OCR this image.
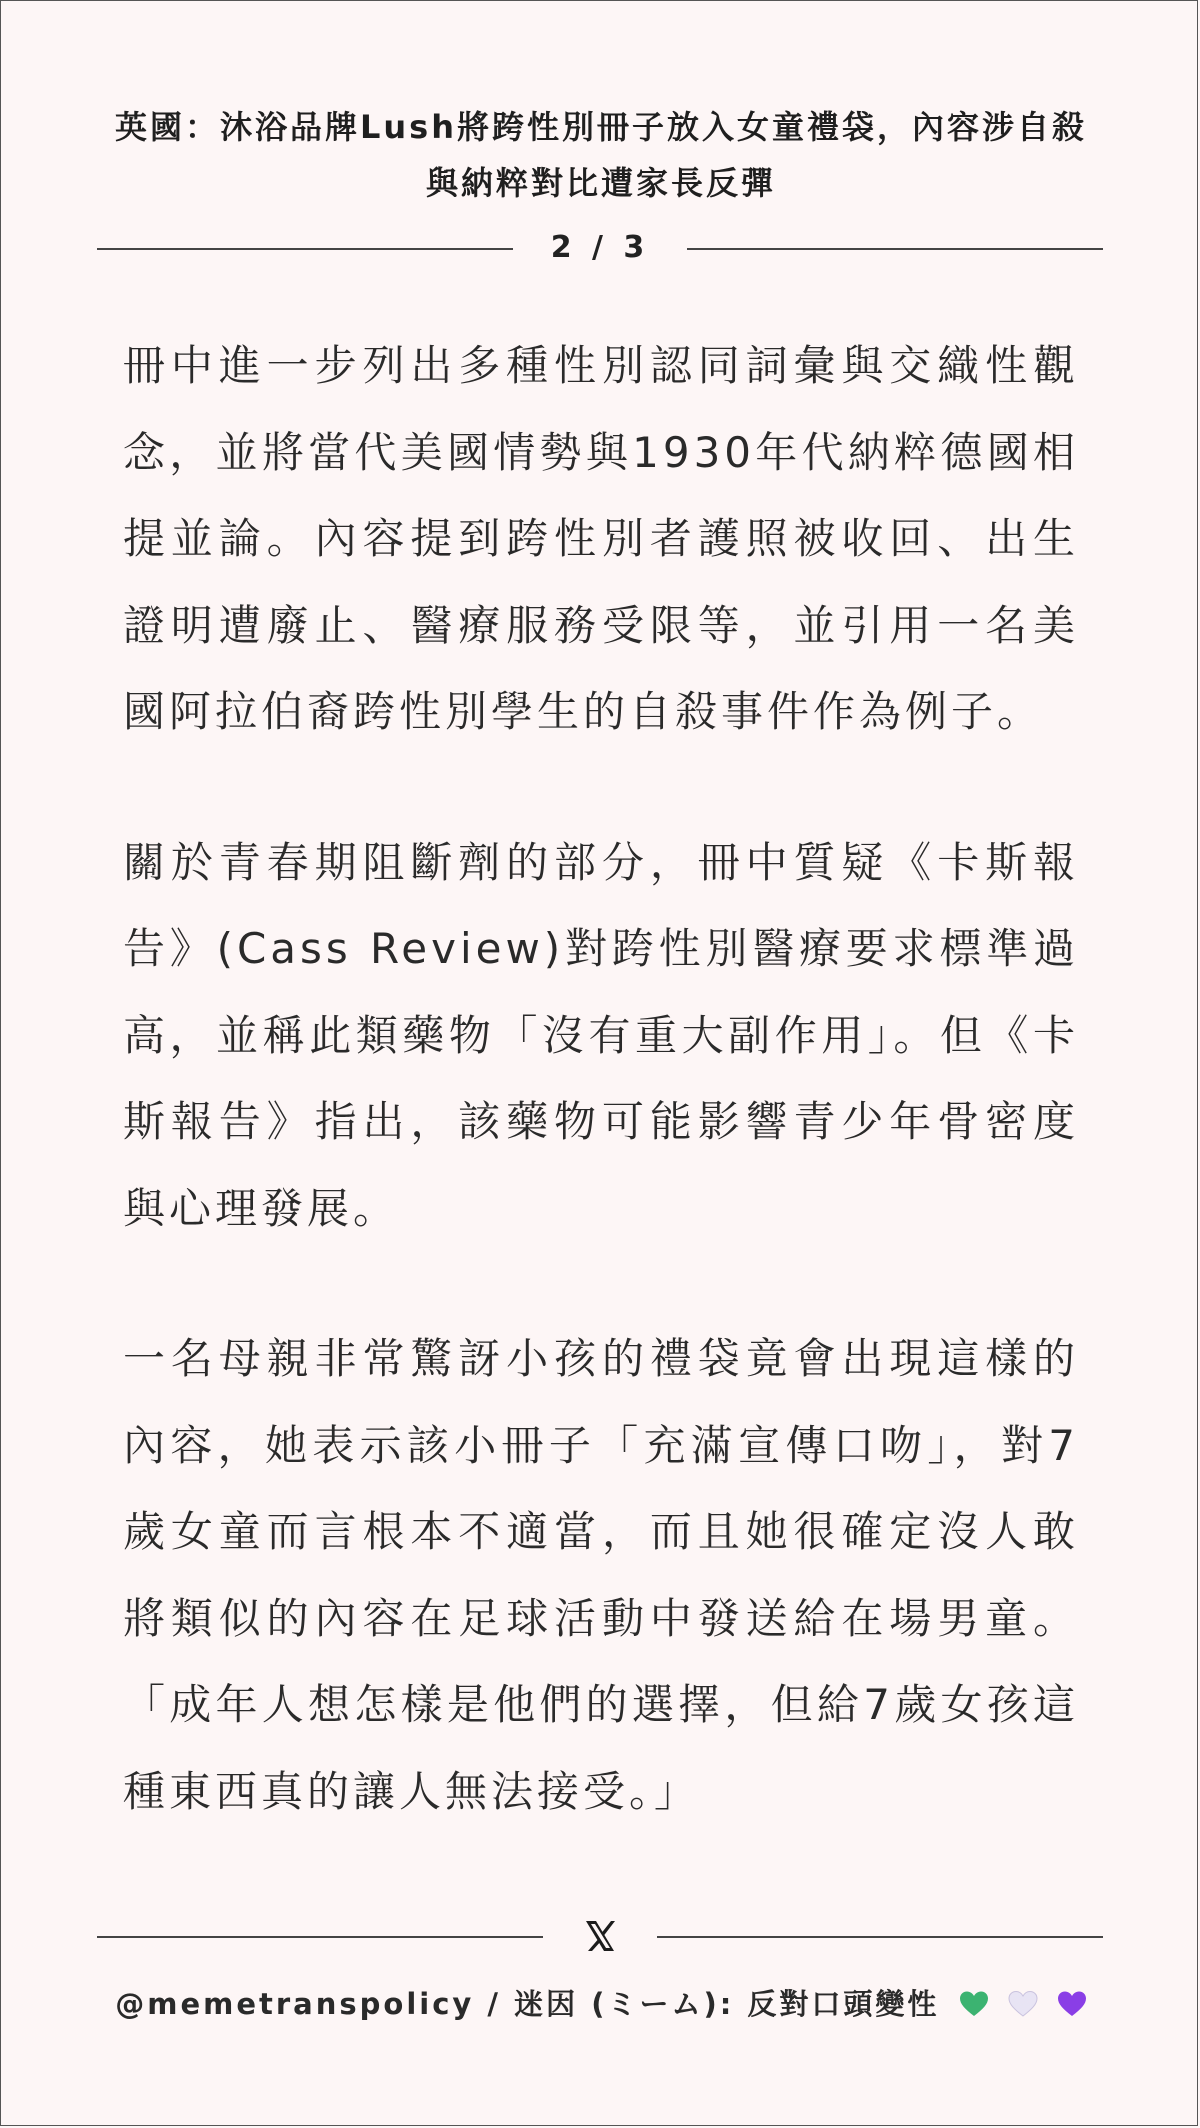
英國：沐浴品牌Lush將跨性別冊子放入女童禮袋，內容涉自殺與納粹對比遭家長反彈
2 / 3

冊中進一步列出多種性別認同詞彙與交織性觀念，並將當代美國情勢與1930年代納粹德國相提並論。內容提到跨性別者護照被收回、出生證明遭廢止、醫療服務受限等，並引用一名美國阿拉伯裔跨性別學生的自殺事件作為例子。

關於青春期阻斷劑的部分，冊中質疑《卡斯報告》(Cass Review)對跨性別醫療要求標準過高，並稱此類藥物「沒有重大副作用」。但《卡斯報告》指出，該藥物可能影響青少年骨密度與心理發展。

一名母親非常驚訝小孩的禮袋竟會出現這樣的內容，她表示該小冊子「充滿宣傳口吻」，對7歲女童而言根本不適當，而且她很確定沒人敢將類似的內容在足球活動中發送給在場男童。「成年人想怎樣是他們的選擇，但給7歲女孩這種東西真的讓人無法接受。」

@memetranspolicy / 迷因 (ミーム): 反對口頭變性
